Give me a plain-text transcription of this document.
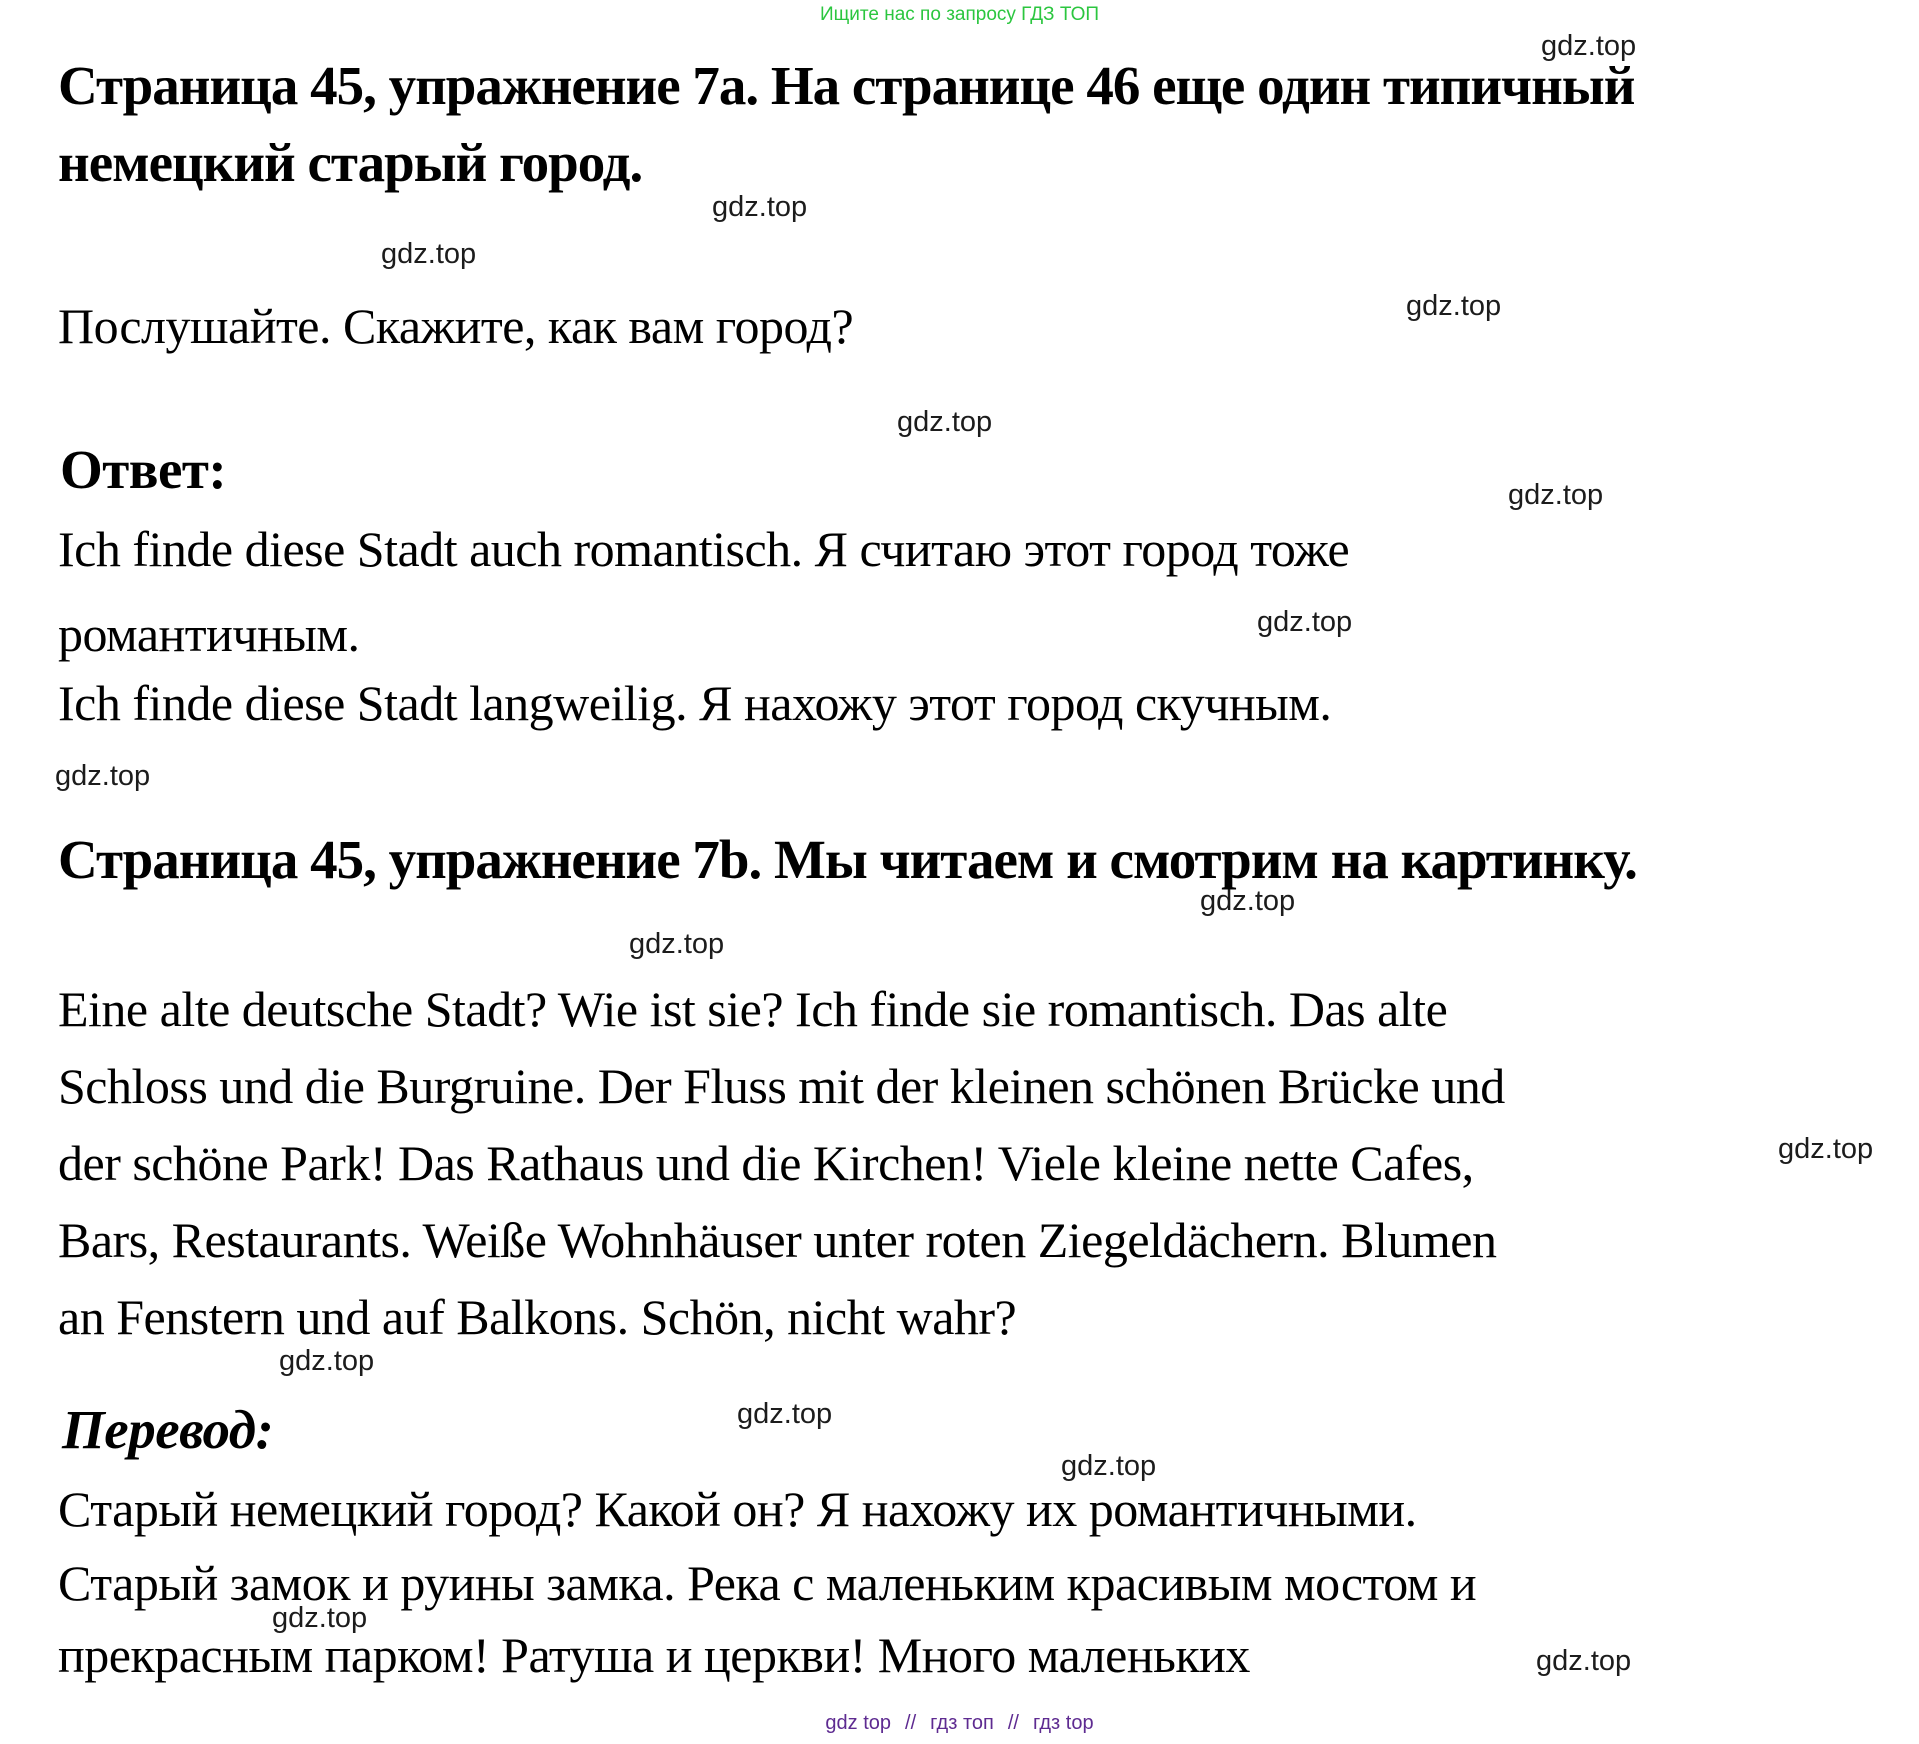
Ищите нас по запросу ГДЗ ТОП
gdz.top
gdz.top
gdz.top
gdz.top
gdz.top
gdz.top
gdz.top
gdz.top
gdz.top
gdz.top
gdz.top
gdz.top
gdz.top
gdz.top
gdz.top
gdz.top
Страница 45, упражнение 7a. На странице 46 еще один типичный
немецкий старый город.
Послушайте. Скажите, как вам город?
Ответ:
Ich finde diese Stadt auch romantisch. Я считаю этот город тоже
романтичным.
Ich finde diese Stadt langweilig. Я нахожу этот город скучным.
Страница 45, упражнение 7b. Мы читаем и смотрим на картинку.
Eine alte deutsche Stadt? Wie ist sie? Ich finde sie romantisch. Das alte
Schloss und die Burgruine. Der Fluss mit der kleinen schönen Brücke und
der schöne Park! Das Rathaus und die Kirchen! Viele kleine nette Cafes,
Bars, Restaurants. Weiße Wohnhäuser unter roten Ziegeldächern. Blumen
an Fenstern und auf Balkons. Schön, nicht wahr?
Перевод:
Старый немецкий город? Какой он? Я нахожу их романтичными.
Старый замок и руины замка. Река с маленьким красивым мостом и
прекрасным парком! Ратуша и церкви! Много маленьких
gdz top // гдз топ // гдз top
